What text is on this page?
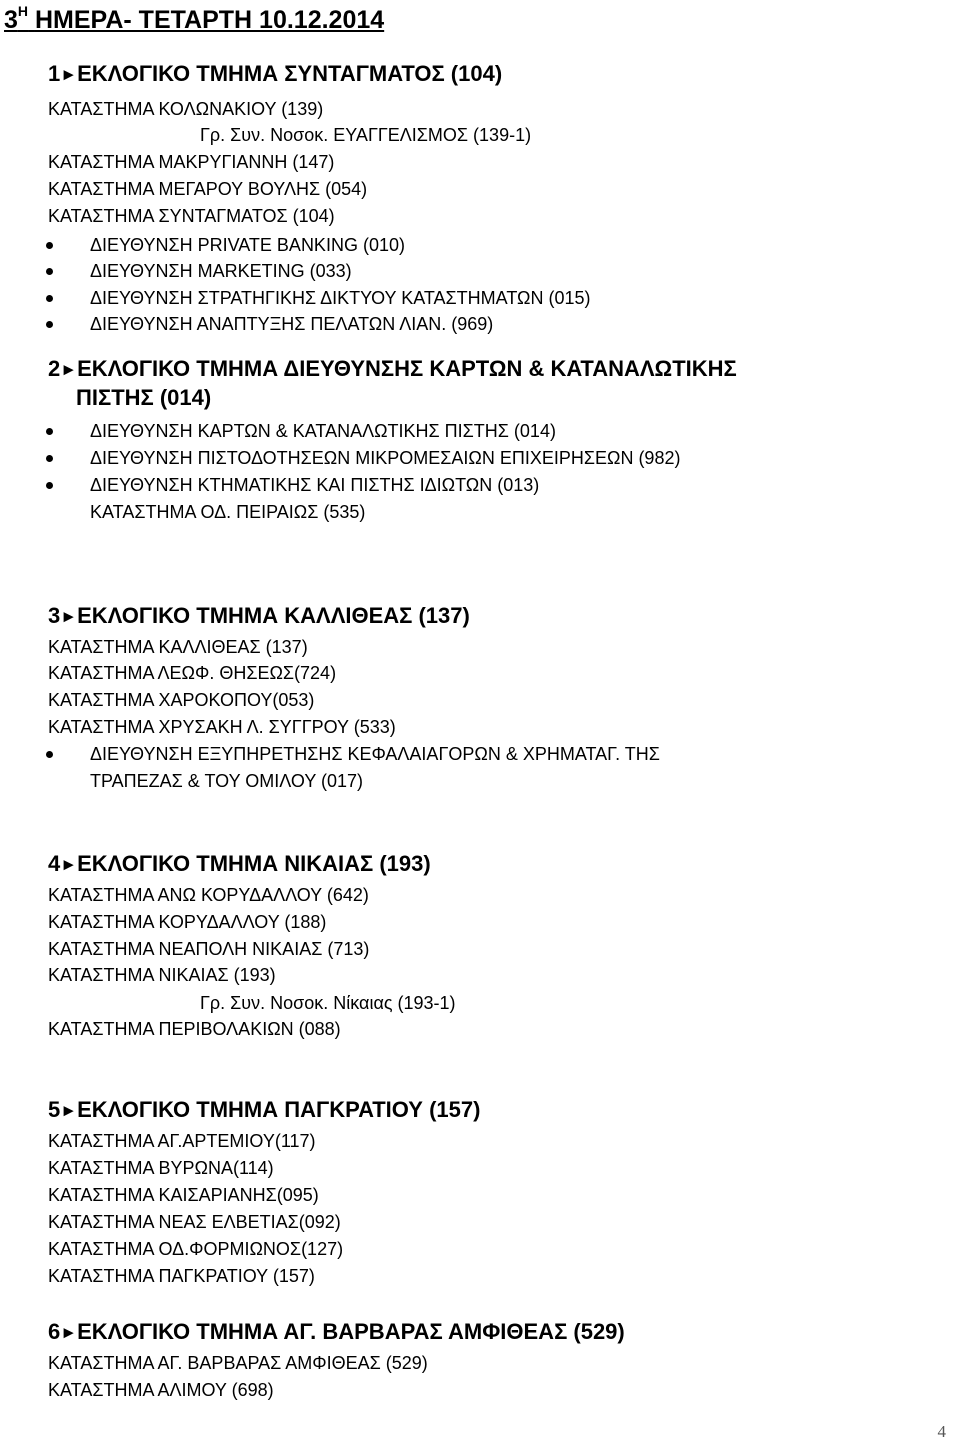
$3^H$ ΗΜΕΡΑ- ΤΕΤΑΡΤΗ 10.12.2014
1►ΕΚΛΟΓΙΚΟ ΤΜΗΜΑ ΣΥΝΤΑΓΜΑΤΟΣ (104)
ΚΑΤΑΣΤΗΜΑ ΚΟΛΩΝΑΚΙΟΥ (139)
Γρ. Συν. Νοσοκ. ΕΥΑΓΓΕΛΙΣΜΟΣ (139-1)
ΚΑΤΑΣΤΗΜΑ ΜΑΚΡΥΓΙΑΝΝΗ (147)
ΚΑΤΑΣΤΗΜΑ ΜΕΓΑΡΟΥ ΒΟΥΛΗΣ (054)
ΚΑΤΑΣΤΗΜΑ ΣΥΝΤΑΓΜΑΤΟΣ (104)
ΔΙΕΥΘΥΝΣΗ PRIVATE BANKING (010)
ΔΙΕΥΘΥΝΣΗ MARKETING (033)
ΔΙΕΥΘΥΝΣΗ ΣΤΡΑΤΗΓΙΚΗΣ ΔΙΚΤΥΟΥ ΚΑΤΑΣΤΗΜΑΤΩΝ (015)
ΔΙΕΥΘΥΝΣΗ ΑΝΑΠΤΥΞΗΣ ΠΕΛΑΤΩΝ ΛΙΑΝ. (969)
2►ΕΚΛΟΓΙΚΟ ΤΜΗΜΑ ΔΙΕΥΘΥΝΣΗΣ ΚΑΡΤΩΝ & ΚΑΤΑΝΑΛΩΤΙΚΗΣ
ΠΙΣΤΗΣ (014)
ΔΙΕΥΘΥΝΣΗ ΚΑΡΤΩΝ & ΚΑΤΑΝΑΛΩΤΙΚΗΣ ΠΙΣΤΗΣ (014)
ΔΙΕΥΘΥΝΣΗ ΠΙΣΤΟΔΟΤΗΣΕΩΝ ΜΙΚΡΟΜΕΣΑΙΩΝ ΕΠΙΧΕΙΡΗΣΕΩΝ (982)
ΔΙΕΥΘΥΝΣΗ ΚΤΗΜΑΤΙΚΗΣ ΚΑΙ ΠΙΣΤΗΣ ΙΔΙΩΤΩΝ (013)
ΚΑΤΑΣΤΗΜΑ ΟΔ. ΠΕΙΡΑΙΩΣ (535)
3►ΕΚΛΟΓΙΚΟ ΤΜΗΜΑ ΚΑΛΛΙΘΕΑΣ (137)
ΚΑΤΑΣΤΗΜΑ ΚΑΛΛΙΘΕΑΣ (137)
ΚΑΤΑΣΤΗΜΑ ΛΕΩΦ. ΘΗΣΕΩΣ(724)
ΚΑΤΑΣΤΗΜΑ ΧΑΡΟΚΟΠΟΥ(053)
ΚΑΤΑΣΤΗΜΑ ΧΡΥΣΑΚΗ Λ. ΣΥΓΓΡΟΥ (533)
ΔΙΕΥΘΥΝΣΗ ΕΞΥΠΗΡΕΤΗΣΗΣ ΚΕΦΑΛΑΙΑΓΟΡΩΝ & ΧΡΗΜΑΤΑΓ. ΤΗΣ
ΤΡΑΠΕΖΑΣ & ΤΟΥ ΟΜΙΛΟΥ (017)
4►ΕΚΛΟΓΙΚΟ ΤΜΗΜΑ ΝΙΚΑΙΑΣ (193)
ΚΑΤΑΣΤΗΜΑ ΑΝΩ ΚΟΡΥΔΑΛΛΟΥ (642)
ΚΑΤΑΣΤΗΜΑ ΚΟΡΥΔΑΛΛΟΥ (188)
ΚΑΤΑΣΤΗΜΑ ΝΕΑΠΟΛΗ ΝΙΚΑΙΑΣ (713)
ΚΑΤΑΣΤΗΜΑ ΝΙΚΑΙΑΣ (193)
Γρ. Συν. Νοσοκ. Νίκαιας (193-1)
ΚΑΤΑΣΤΗΜΑ ΠΕΡΙΒΟΛΑΚΙΩΝ (088)
5►ΕΚΛΟΓΙΚΟ ΤΜΗΜΑ ΠΑΓΚΡΑΤΙΟΥ (157)
ΚΑΤΑΣΤΗΜΑ ΑΓ.ΑΡΤΕΜΙΟΥ(117)
ΚΑΤΑΣΤΗΜΑ ΒΥΡΩΝΑ(114)
ΚΑΤΑΣΤΗΜΑ ΚΑΙΣΑΡΙΑΝΗΣ(095)
ΚΑΤΑΣΤΗΜΑ ΝΕΑΣ ΕΛΒΕΤΙΑΣ(092)
ΚΑΤΑΣΤΗΜΑ ΟΔ.ΦΟΡΜΙΩΝΟΣ(127)
ΚΑΤΑΣΤΗΜΑ ΠΑΓΚΡΑΤΙΟΥ (157)
6►ΕΚΛΟΓΙΚΟ ΤΜΗΜΑ ΑΓ. ΒΑΡΒΑΡΑΣ ΑΜΦΙΘΕΑΣ (529)
ΚΑΤΑΣΤΗΜΑ ΑΓ. ΒΑΡΒΑΡΑΣ ΑΜΦΙΘΕΑΣ (529)
ΚΑΤΑΣΤΗΜΑ ΑΛΙΜΟΥ (698)
4
